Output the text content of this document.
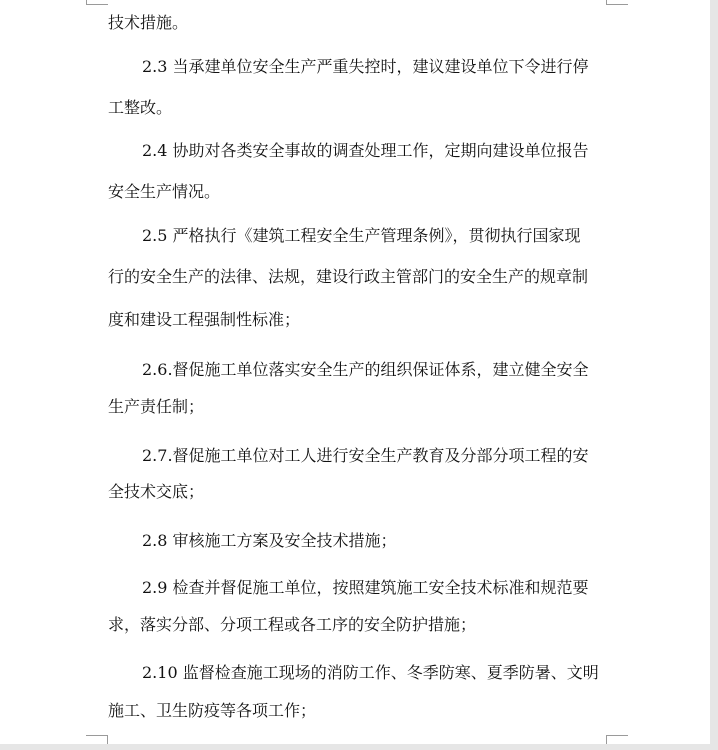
技术措施。
2.3 当承建单位安全生产严重失控时，建议建设单位下令进行停
工整改。
2.4 协助对各类安全事故的调查处理工作，定期向建设单位报告
安全生产情况。
2.5 严格执行《建筑工程安全生产管理条例》，贯彻执行国家现
行的安全生产的法律、法规，建设行政主管部门的安全生产的规章制
度和建设工程强制性标准；
2.6.督促施工单位落实安全生产的组织保证体系，建立健全安全
生产责任制；
2.7.督促施工单位对工人进行安全生产教育及分部分项工程的安
全技术交底；
2.8 审核施工方案及安全技术措施；
2.9 检查并督促施工单位，按照建筑施工安全技术标准和规范要
求，落实分部、分项工程或各工序的安全防护措施；
2.10 监督检查施工现场的消防工作、冬季防寒、夏季防暑、文明
施工、卫生防疫等各项工作；
